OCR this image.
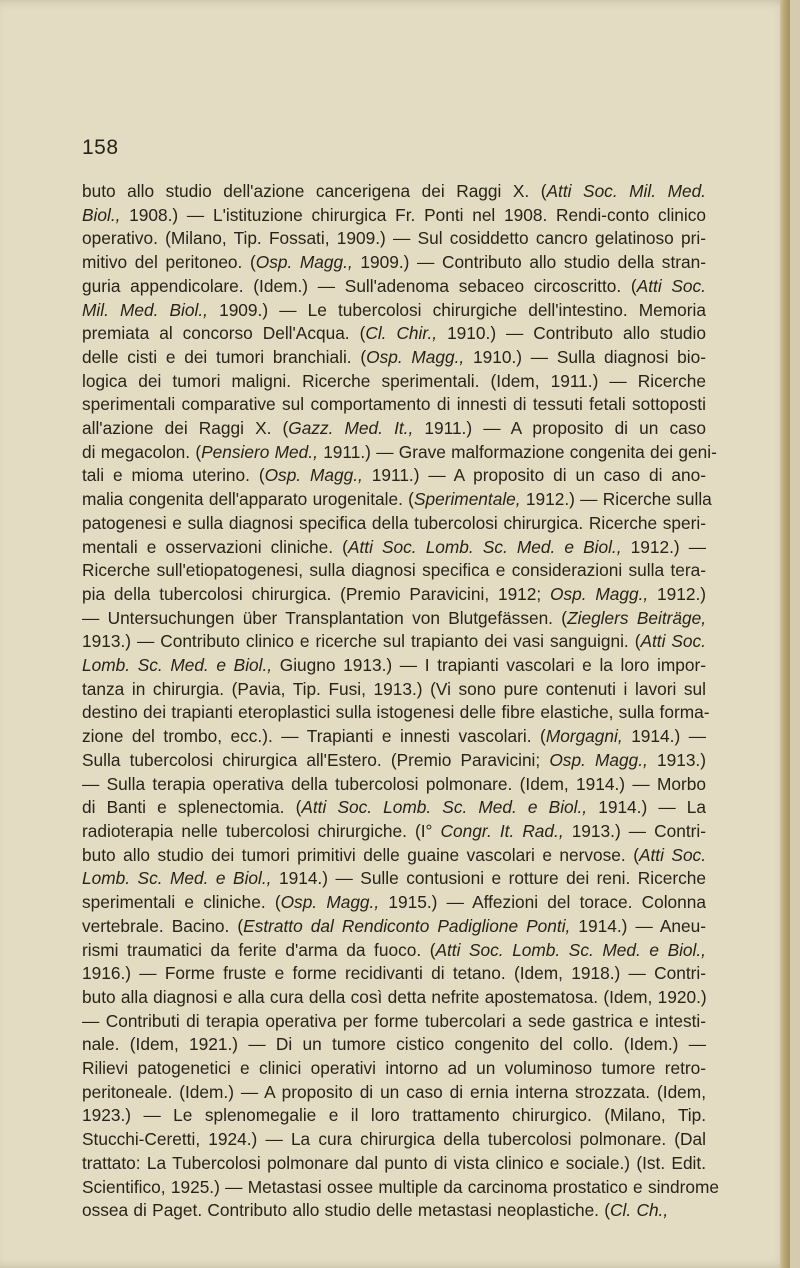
158
buto allo studio dell'azione cancerigena dei Raggi X. (Atti Soc. Mil. Med.
Biol., 1908.) — L'istituzione chirurgica Fr. Ponti nel 1908. Rendi-conto clinico
operativo. (Milano, Tip. Fossati, 1909.) — Sul cosiddetto cancro gelatinoso pri-
mitivo del peritoneo. (Osp. Magg., 1909.) — Contributo allo studio della stran-
guria appendicolare. (Idem.) — Sull'adenoma sebaceo circoscritto. (Atti Soc.
Mil. Med. Biol., 1909.) — Le tubercolosi chirurgiche dell'intestino. Memoria
premiata al concorso Dell'Acqua. (Cl. Chir., 1910.) — Contributo allo studio
delle cisti e dei tumori branchiali. (Osp. Magg., 1910.) — Sulla diagnosi bio-
logica dei tumori maligni. Ricerche sperimentali. (Idem, 1911.) — Ricerche
sperimentali comparative sul comportamento di innesti di tessuti fetali sottoposti
all'azione dei Raggi X. (Gazz. Med. It., 1911.) — A proposito di un caso
di megacolon. (Pensiero Med., 1911.) — Grave malformazione congenita dei geni-
tali e mioma uterino. (Osp. Magg., 1911.) — A proposito di un caso di ano-
malia congenita dell'apparato urogenitale. (Sperimentale, 1912.) — Ricerche sulla
patogenesi e sulla diagnosi specifica della tubercolosi chirurgica. Ricerche speri-
mentali e osservazioni cliniche. (Atti Soc. Lomb. Sc. Med. e Biol., 1912.) —
Ricerche sull'etiopatogenesi, sulla diagnosi specifica e considerazioni sulla tera-
pia della tubercolosi chirurgica. (Premio Paravicini, 1912; Osp. Magg., 1912.)
— Untersuchungen über Transplantation von Blutgefässen. (Zieglers Beiträge,
1913.) — Contributo clinico e ricerche sul trapianto dei vasi sanguigni. (Atti Soc.
Lomb. Sc. Med. e Biol., Giugno 1913.) — I trapianti vascolari e la loro impor-
tanza in chirurgia. (Pavia, Tip. Fusi, 1913.) (Vi sono pure contenuti i lavori sul
destino dei trapianti eteroplastici sulla istogenesi delle fibre elastiche, sulla forma-
zione del trombo, ecc.). — Trapianti e innesti vascolari. (Morgagni, 1914.) —
Sulla tubercolosi chirurgica all'Estero. (Premio Paravicini; Osp. Magg., 1913.)
— Sulla terapia operativa della tubercolosi polmonare. (Idem, 1914.) — Morbo
di Banti e splenectomia. (Atti Soc. Lomb. Sc. Med. e Biol., 1914.) — La
radioterapia nelle tubercolosi chirurgiche. (I° Congr. It. Rad., 1913.) — Contri-
buto allo studio dei tumori primitivi delle guaine vascolari e nervose. (Atti Soc.
Lomb. Sc. Med. e Biol., 1914.) — Sulle contusioni e rotture dei reni. Ricerche
sperimentali e cliniche. (Osp. Magg., 1915.) — Affezioni del torace. Colonna
vertebrale. Bacino. (Estratto dal Rendiconto Padiglione Ponti, 1914.) — Aneu-
rismi traumatici da ferite d'arma da fuoco. (Atti Soc. Lomb. Sc. Med. e Biol.,
1916.) — Forme fruste e forme recidivanti di tetano. (Idem, 1918.) — Contri-
buto alla diagnosi e alla cura della così detta nefrite apostematosa. (Idem, 1920.)
— Contributi di terapia operativa per forme tubercolari a sede gastrica e intesti-
nale. (Idem, 1921.) — Di un tumore cistico congenito del collo. (Idem.) —
Rilievi patogenetici e clinici operativi intorno ad un voluminoso tumore retro-
peritoneale. (Idem.) — A proposito di un caso di ernia interna strozzata. (Idem,
1923.) — Le splenomegalie e il loro trattamento chirurgico. (Milano, Tip.
Stucchi-Ceretti, 1924.) — La cura chirurgica della tubercolosi polmonare. (Dal
trattato: La Tubercolosi polmonare dal punto di vista clinico e sociale.) (Ist. Edit.
Scientifico, 1925.) — Metastasi ossee multiple da carcinoma prostatico e sindrome
ossea di Paget. Contributo allo studio delle metastasi neoplastiche. (Cl. Ch.,
